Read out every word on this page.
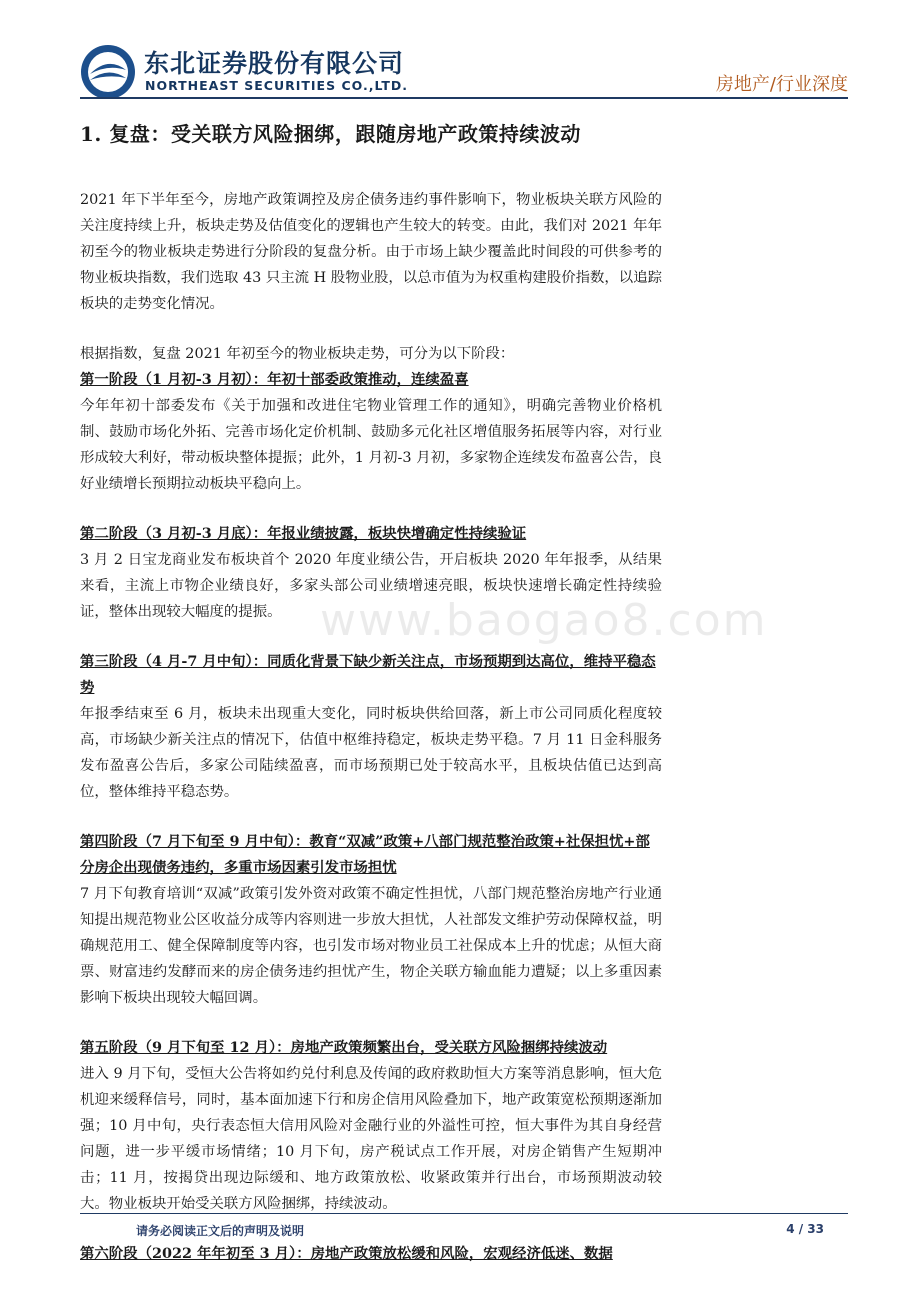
东北证券股份有限公司
NORTHEAST SECURITIES CO.,LTD.	房地产/行业深度
www.baogao8.com
1. 复盘：受关联方风险捆绑，跟随房地产政策持续波动

2021 年下半年至今，房地产政策调控及房企债务违约事件影响下，物业板块关联方风险的关注度持续上升，板块走势及估值变化的逻辑也产生较大的转变。由此，我们对 2021 年年初至今的物业板块走势进行分阶段的复盘分析。由于市场上缺少覆盖此时间段的可供参考的物业板块指数，我们选取 43 只主流 H 股物业股，以总市值为为权重构建股价指数，以追踪板块的走势变化情况。

根据指数，复盘 2021 年初至今的物业板块走势，可分为以下阶段：

第一阶段（1 月初-3 月初）：年初十部委政策推动，连续盈喜

今年年初十部委发布《关于加强和改进住宅物业管理工作的通知》，明确完善物业价格机制、鼓励市场化外拓、完善市场化定价机制、鼓励多元化社区增值服务拓展等内容，对行业形成较大利好，带动板块整体提振；此外，1 月初-3 月初，多家物企连续发布盈喜公告，良好业绩增长预期拉动板块平稳向上。

第二阶段（3 月初-3 月底）：年报业绩披露，板块快增确定性持续验证

3 月 2 日宝龙商业发布板块首个 2020 年度业绩公告，开启板块 2020 年年报季，从结果来看，主流上市物企业绩良好，多家头部公司业绩增速亮眼，板块快速增长确定性持续验证，整体出现较大幅度的提振。

第三阶段（4 月-7 月中旬）：同质化背景下缺少新关注点，市场预期到达高位，维持平稳态势

年报季结束至 6 月，板块未出现重大变化，同时板块供给回落，新上市公司同质化程度较高，市场缺少新关注点的情况下，估值中枢维持稳定，板块走势平稳。7 月 11 日金科服务发布盈喜公告后，多家公司陆续盈喜，而市场预期已处于较高水平，且板块估值已达到高位，整体维持平稳态势。

第四阶段（7 月下旬至 9 月中旬）：教育“双减”政策+八部门规范整治政策+社保担忧+部分房企出现债务违约，多重市场因素引发市场担忧

7 月下旬教育培训“双减”政策引发外资对政策不确定性担忧，八部门规范整治房地产行业通知提出规范物业公区收益分成等内容则进一步放大担忧，人社部发文维护劳动保障权益，明确规范用工、健全保障制度等内容，也引发市场对物业员工社保成本上升的忧虑；从恒大商票、财富违约发酵而来的房企债务违约担忧产生，物企关联方输血能力遭疑；以上多重因素影响下板块出现较大幅回调。

第五阶段（9 月下旬至 12 月）：房地产政策频繁出台，受关联方风险捆绑持续波动

进入 9 月下旬，受恒大公告将如约兑付利息及传闻的政府救助恒大方案等消息影响，恒大危机迎来缓释信号，同时，基本面加速下行和房企信用风险叠加下，地产政策宽松预期逐渐加强；10 月中旬，央行表态恒大信用风险对金融行业的外溢性可控，恒大事件为其自身经营问题，进一步平缓市场情绪；10 月下旬，房产税试点工作开展，对房企销售产生短期冲击；11 月，按揭贷出现边际缓和、地方政策放松、收紧政策并行出台，市场预期波动较大。物业板块开始受关联方风险捆绑，持续波动。

第六阶段（2022 年年初至 3 月）：房地产政策放松缓和风险，宏观经济低迷、数据

请务必阅读正文后的声明及说明	4 / 33
